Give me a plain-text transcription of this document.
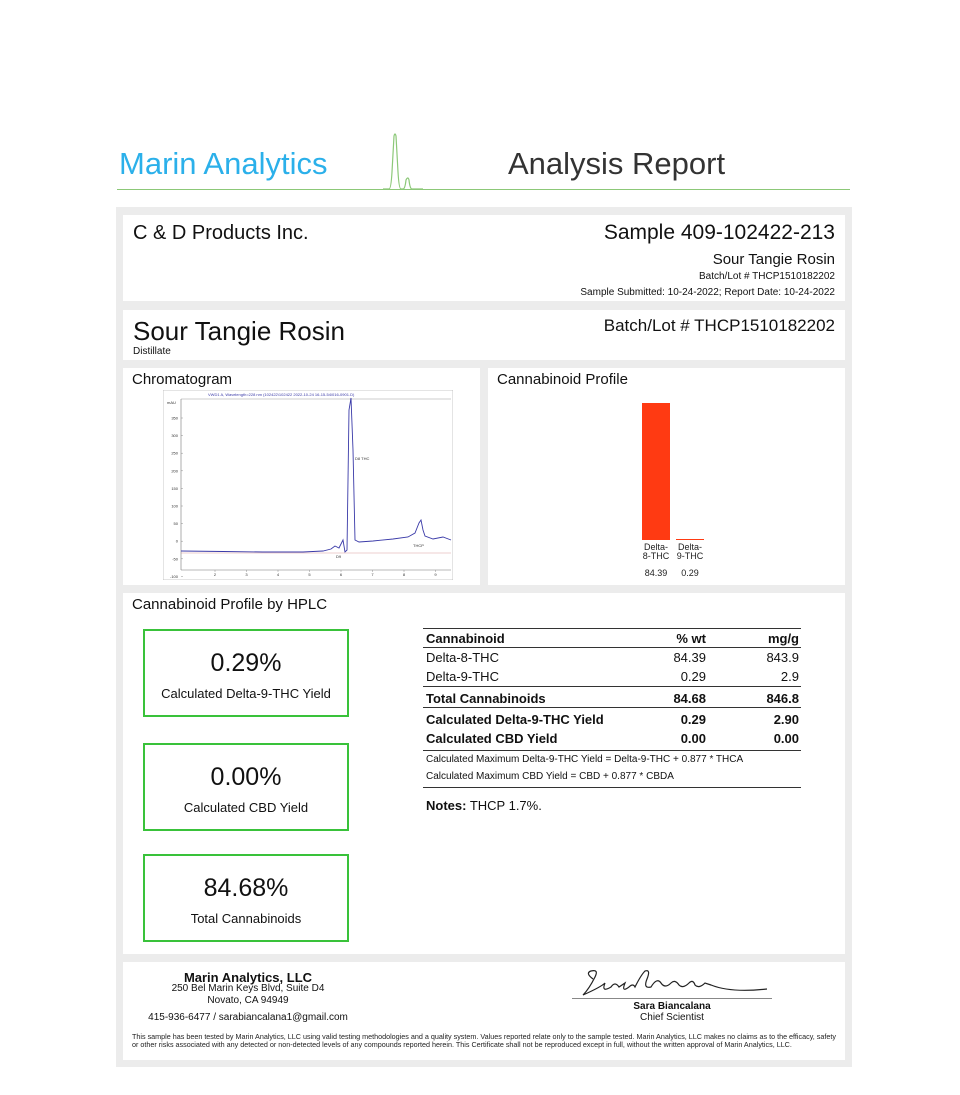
Marin Analytics	Analysis Report
C & D Products Inc.	Sample 409-102422-213
Sour Tangie Rosin
Batch/Lot # THCP1510182202
Sample Submitted: 10-24-2022; Report Date: 10-24-2022
Sour Tangie Rosin
Distillate
Batch/Lot # THCP1510182202
Chromatogram
VWD1 A, Wavelength=228 nm (102422\102422 2022-10-24 16-15-54\016-0901.D)
mAU
350
300
250
200
150
100
50
0
-50
-100	2	3	4	5	6	7	8	9
D8 THC
THCP
D9
Cannabinoid Profile
Delta-
8-THC
84.39
Delta-
9-THC
0.29
Cannabinoid Profile by HPLC
0.29%
Calculated Delta-9-THC Yield
0.00%
Calculated CBD Yield
84.68%
Total Cannabinoids
Cannabinoid	% wt	mg/g
Delta-8-THC	84.39	843.9
Delta-9-THC	0.29	2.9
Total Cannabinoids	84.68	846.8
Calculated Delta-9-THC Yield	0.29	2.90
Calculated CBD Yield	0.00	0.00
Calculated Maximum Delta-9-THC Yield = Delta-9-THC + 0.877 * THCA
Calculated Maximum CBD Yield = CBD + 0.877 * CBDA
Notes: THCP 1.7%.
Marin Analytics, LLC
250 Bel Marin Keys Blvd, Suite D4
Novato, CA 94949
415-936-6477 / sarabiancalana1@gmail.com
Sara Biancalana
Chief Scientist
This sample has been tested by Marin Analytics, LLC using valid testing methodologies and a quality system. Values reported relate only to the sample tested. Marin Analytics, LLC makes no claims as to the efficacy, safety or other risks associated with any detected or non-detected levels of any compounds reported herein. This Certificate shall not be reproduced except in full, without the written approval of Marin Analytics, LLC.
